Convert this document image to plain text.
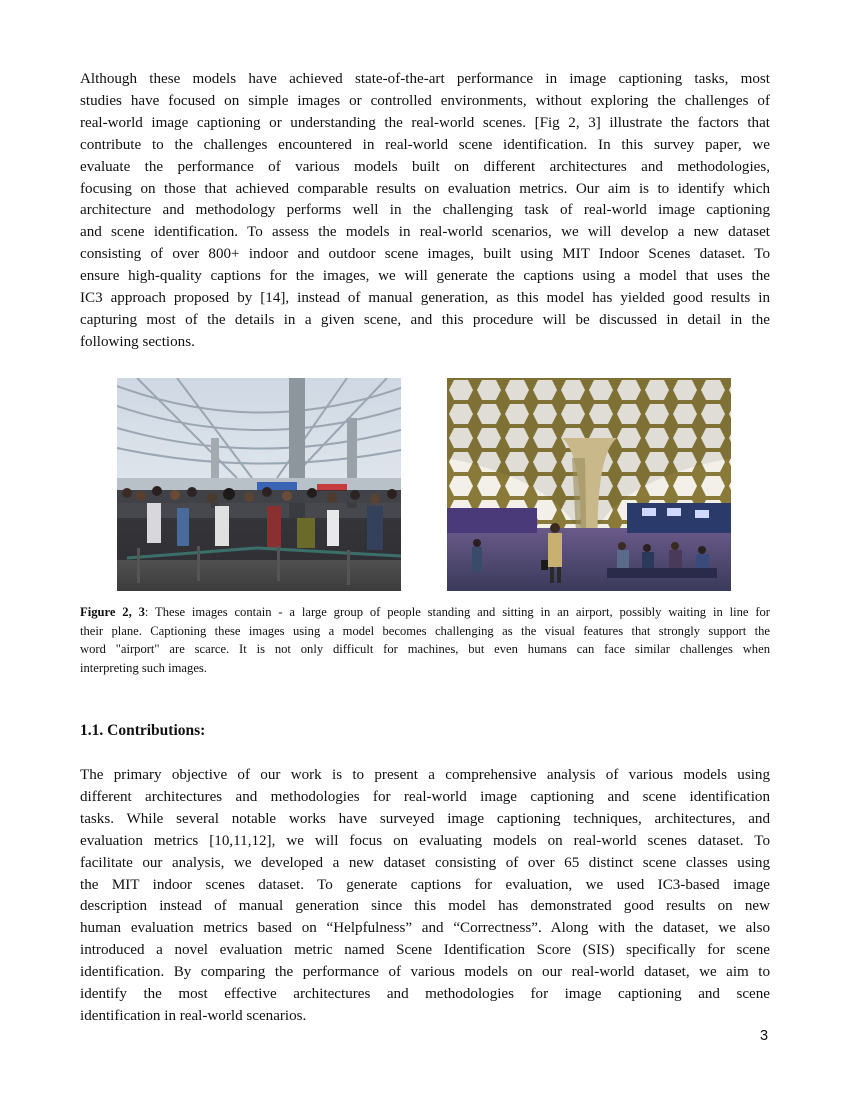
Although these models have achieved state-of-the-art performance in image captioning tasks, most
studies have focused on simple images or controlled environments, without exploring the challenges of
real-world image captioning or understanding the real-world scenes. [Fig 2, 3] illustrate the factors that
contribute to the challenges encountered in real-world scene identification. In this survey paper, we
evaluate the performance of various models built on different architectures and methodologies,
focusing on those that achieved comparable results on evaluation metrics. Our aim is to identify which
architecture and methodology performs well in the challenging task of real-world image captioning
and scene identification. To assess the models in real-world scenarios, we will develop a new dataset
consisting of over 800+ indoor and outdoor scene images, built using MIT Indoor Scenes dataset. To
ensure high-quality captions for the images, we will generate the captions using a model that uses the
IC3 approach proposed by [14], instead of manual generation, as this model has yielded good results in
capturing most of the details in a given scene, and this procedure will be discussed in detail in the
following sections.
Figure 2, 3: These images contain - a large group of people standing and sitting in an airport, possibly waiting in line for
their plane. Captioning these images using a model becomes challenging as the visual features that strongly support the
word "airport" are scarce. It is not only difficult for machines, but even humans can face similar challenges when
interpreting such images.
1.1. Contributions:
The primary objective of our work is to present a comprehensive analysis of various models using
different architectures and methodologies for real-world image captioning and scene identification
tasks. While several notable works have surveyed image captioning techniques, architectures, and
evaluation metrics [10,11,12], we will focus on evaluating models on real-world scenes dataset. To
facilitate our analysis, we developed a new dataset consisting of over 65 distinct scene classes using
the MIT indoor scenes dataset. To generate captions for evaluation, we used IC3-based image
description instead of manual generation since this model has demonstrated good results on new
human evaluation metrics based on “Helpfulness” and “Correctness”. Along with the dataset, we also
introduced a novel evaluation metric named Scene Identification Score (SIS) specifically for scene
identification. By comparing the performance of various models on our real-world dataset, we aim to
identify the most effective architectures and methodologies for image captioning and scene
identification in real-world scenarios.
3
